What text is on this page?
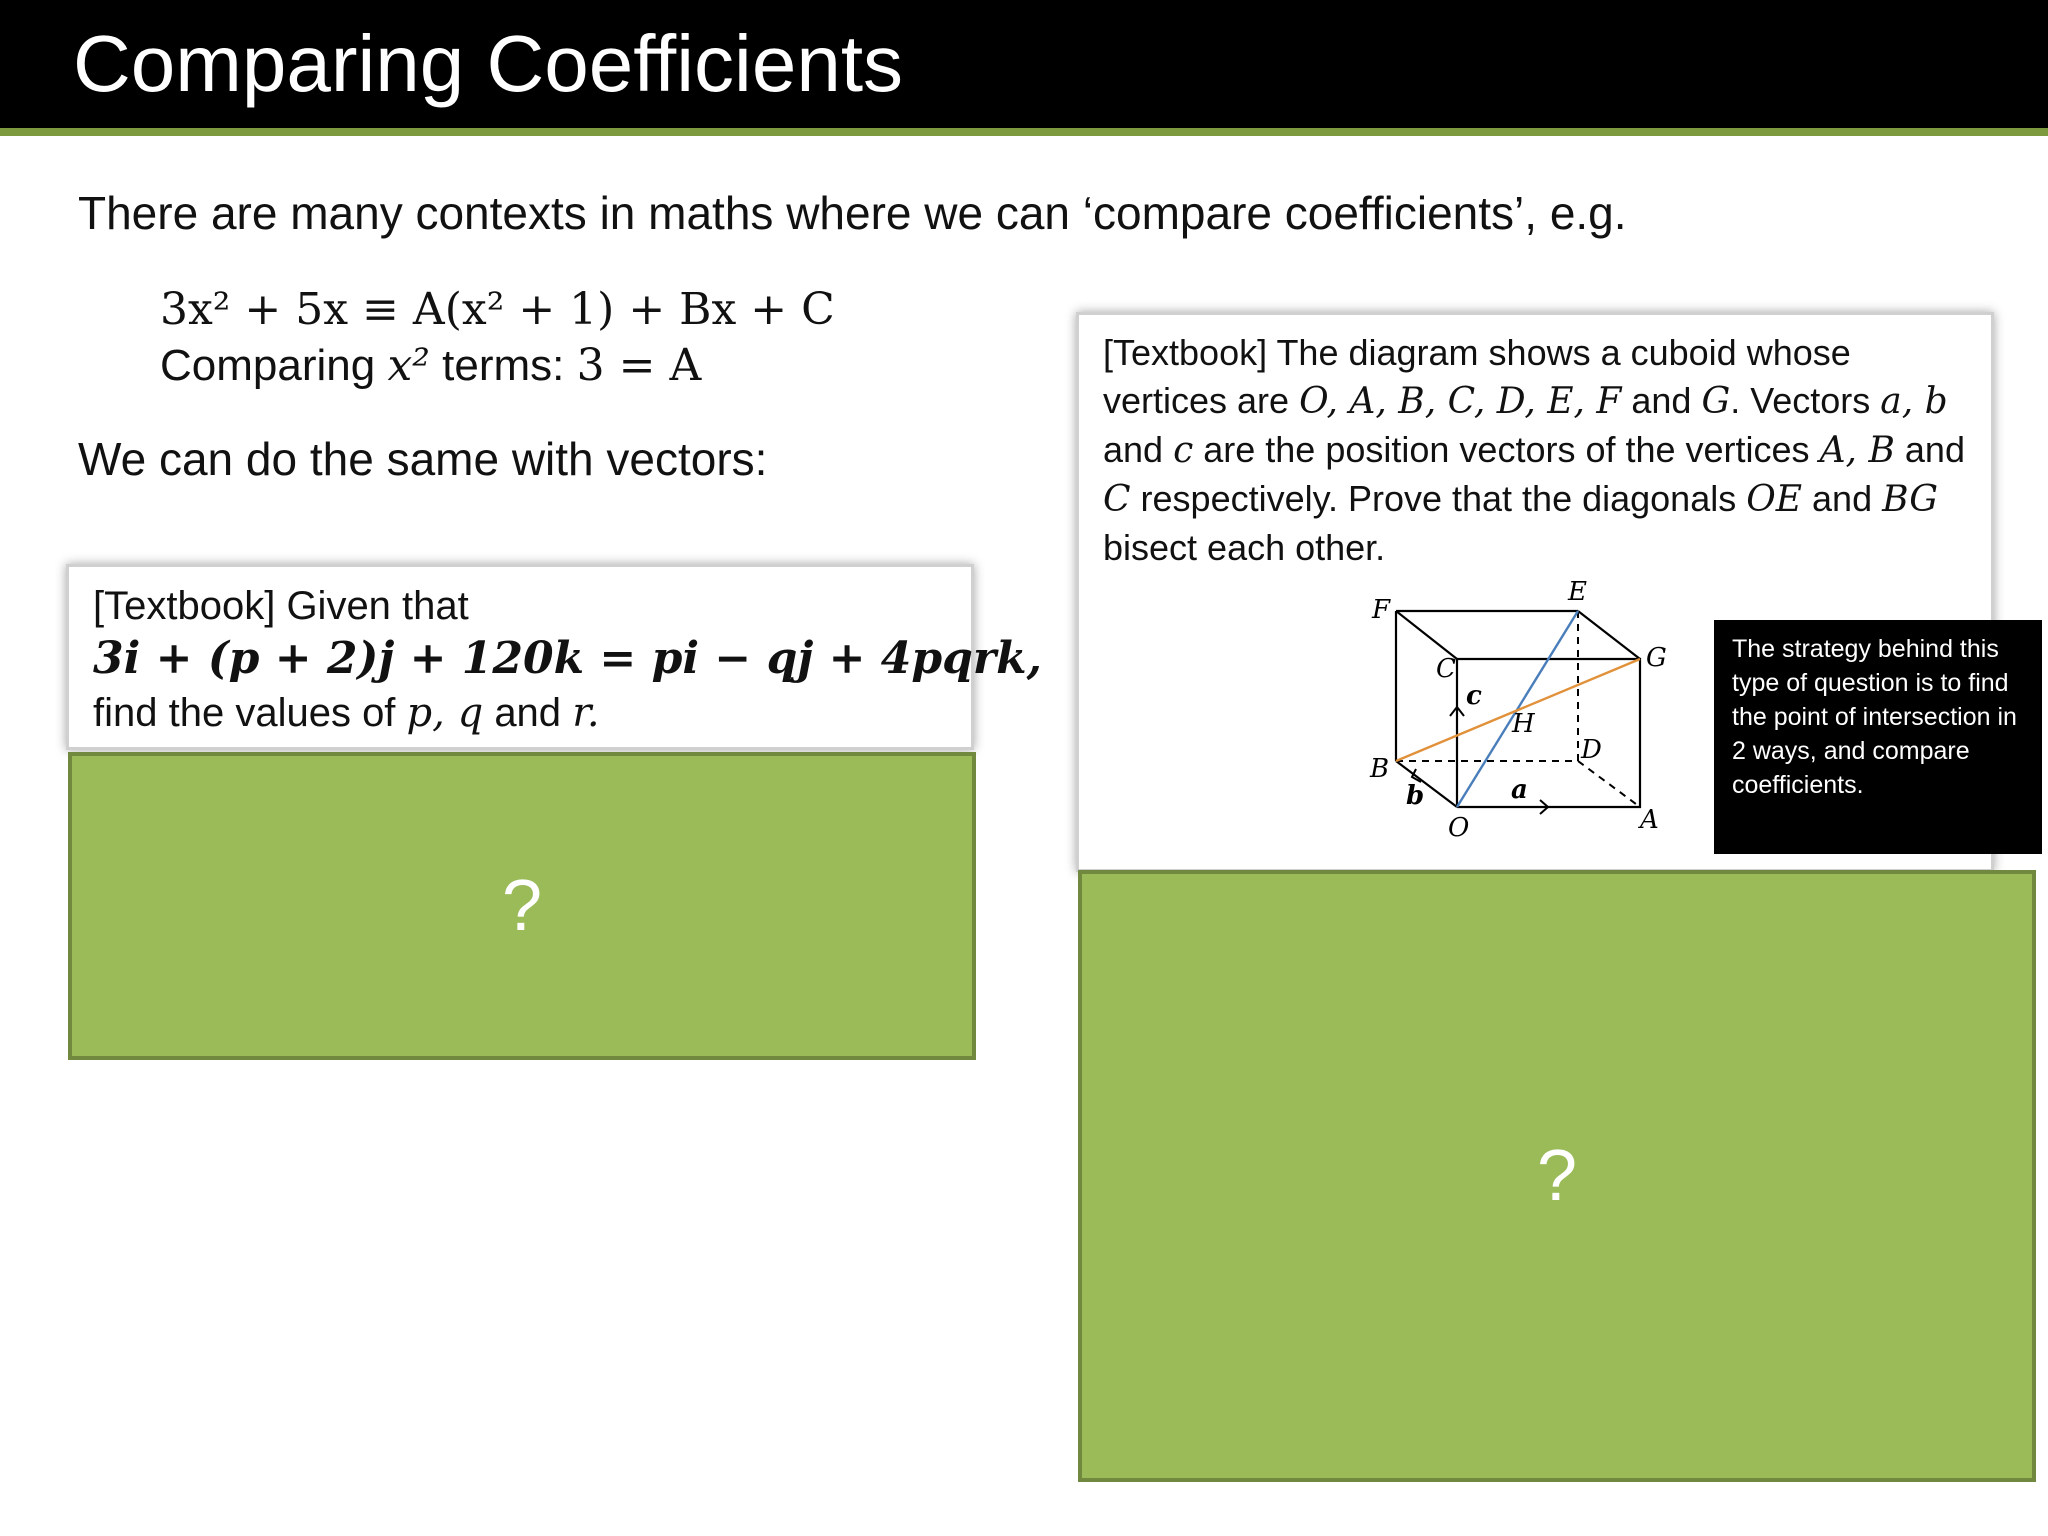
Comparing Coefficients
There are many contexts in maths where we can ‘compare coefficients’, e.g.
3x² + 5x ≡ A(x² + 1) + Bx + C
Comparing x² terms: 3 = A
We can do the same with vectors:
[Textbook] Given that
3i + (p + 2)j + 120k = pi − qj + 4pqrk,
find the values of p, q and r.
?
[Textbook] The diagram shows a cuboid whose vertices are O, A, B, C, D, E, F and G. Vectors a, b and c are the position vectors of the vertices A, B and C respectively. Prove that the diagonals OE and BG bisect each other.
E
F
G
C
H
D
B
A
O
a
b
c
The strategy behind this type of question is to find the point of intersection in 2 ways, and compare coefficients.
?
